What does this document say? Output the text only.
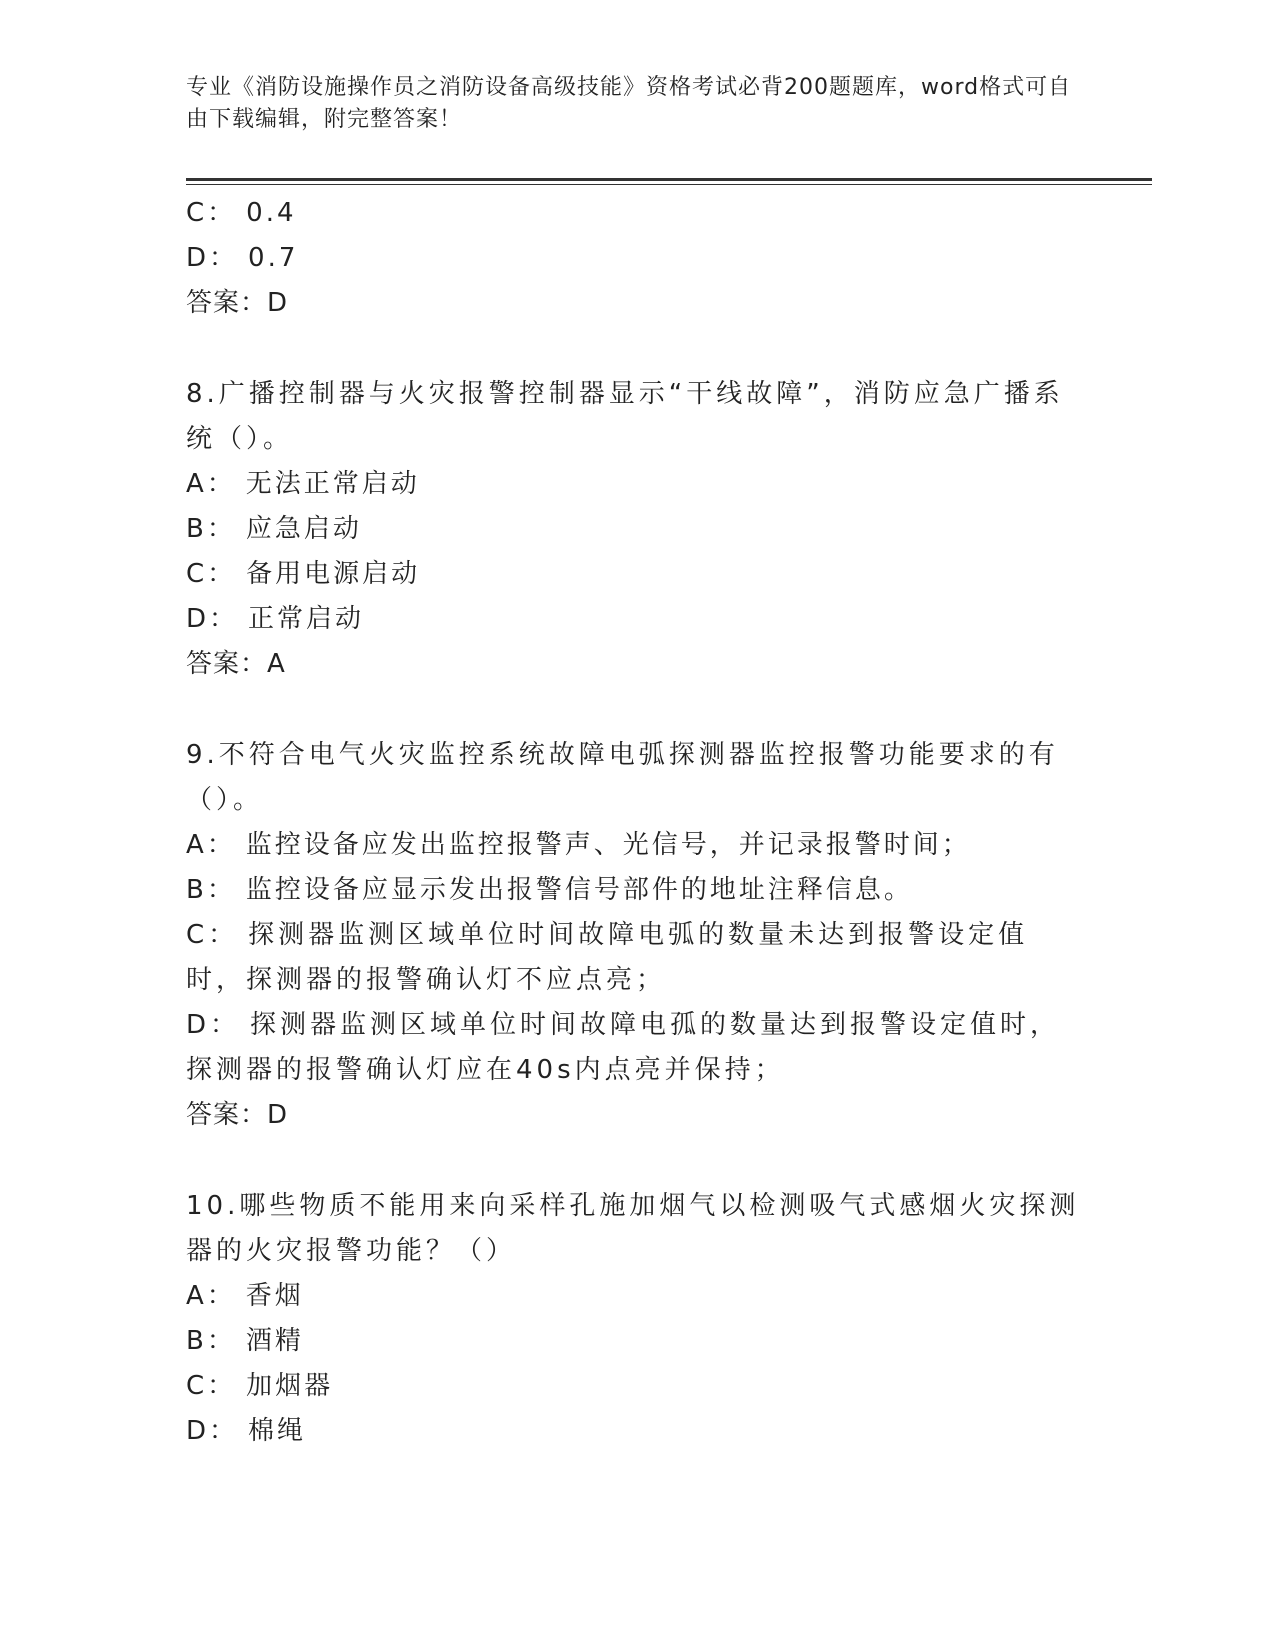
专业《消防设施操作员之消防设备高级技能》资格考试必背200题题库，word格式可自由下载编辑，附完整答案！
C： 0.4
D： 0.7
答案：D
8.广播控制器与火灾报警控制器显示“干线故障”，消防应急广播系统（）。
A： 无法正常启动
B： 应急启动
C： 备用电源启动
D： 正常启动
答案：A
9.不符合电气火灾监控系统故障电弧探测器监控报警功能要求的有（）。
A： 监控设备应发出监控报警声、光信号，并记录报警时间；
B： 监控设备应显示发出报警信号部件的地址注释信息。
C： 探测器监测区域单位时间故障电弧的数量未达到报警设定值时，探测器的报警确认灯不应点亮；
D： 探测器监测区域单位时间故障电孤的数量达到报警设定值时，探测器的报警确认灯应在40s内点亮并保持；
答案：D
10.哪些物质不能用来向采样孔施加烟气以检测吸气式感烟火灾探测器的火灾报警功能？（）
A： 香烟
B： 酒精
C： 加烟器
D： 棉绳
